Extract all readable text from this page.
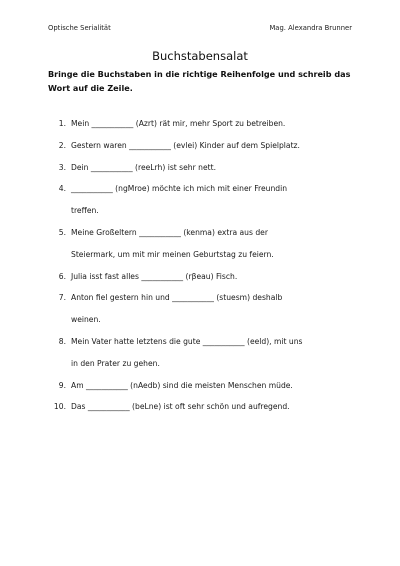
Optische Serialität	Mag. Alexandra Brunner
Buchstabensalat
Bringe die Buchstaben in die richtige Reihenfolge und schreib das Wort auf die Zeile.
1. Mein ___________ (Azrt) rät mir, mehr Sport zu betreiben.
2. Gestern waren ___________ (evlei) Kinder auf dem Spielplatz.
3. Dein ___________ (reeLrh) ist sehr nett.
4. ___________ (ngMroe) möchte ich mich mit einer Freundin
treffen.
5. Meine Großeltern ___________ (kenma) extra aus der
Steiermark, um mit mir meinen Geburtstag zu feiern.
6. Julia isst fast alles ___________ (rβeau) Fisch.
7. Anton fiel gestern hin und ___________ (stuesm) deshalb
weinen.
8. Mein Vater hatte letztens die gute ___________ (eeld), mit uns
in den Prater zu gehen.
9. Am ___________ (nAedb) sind die meisten Menschen müde.
10. Das ___________ (beLne) ist oft sehr schön und aufregend.
